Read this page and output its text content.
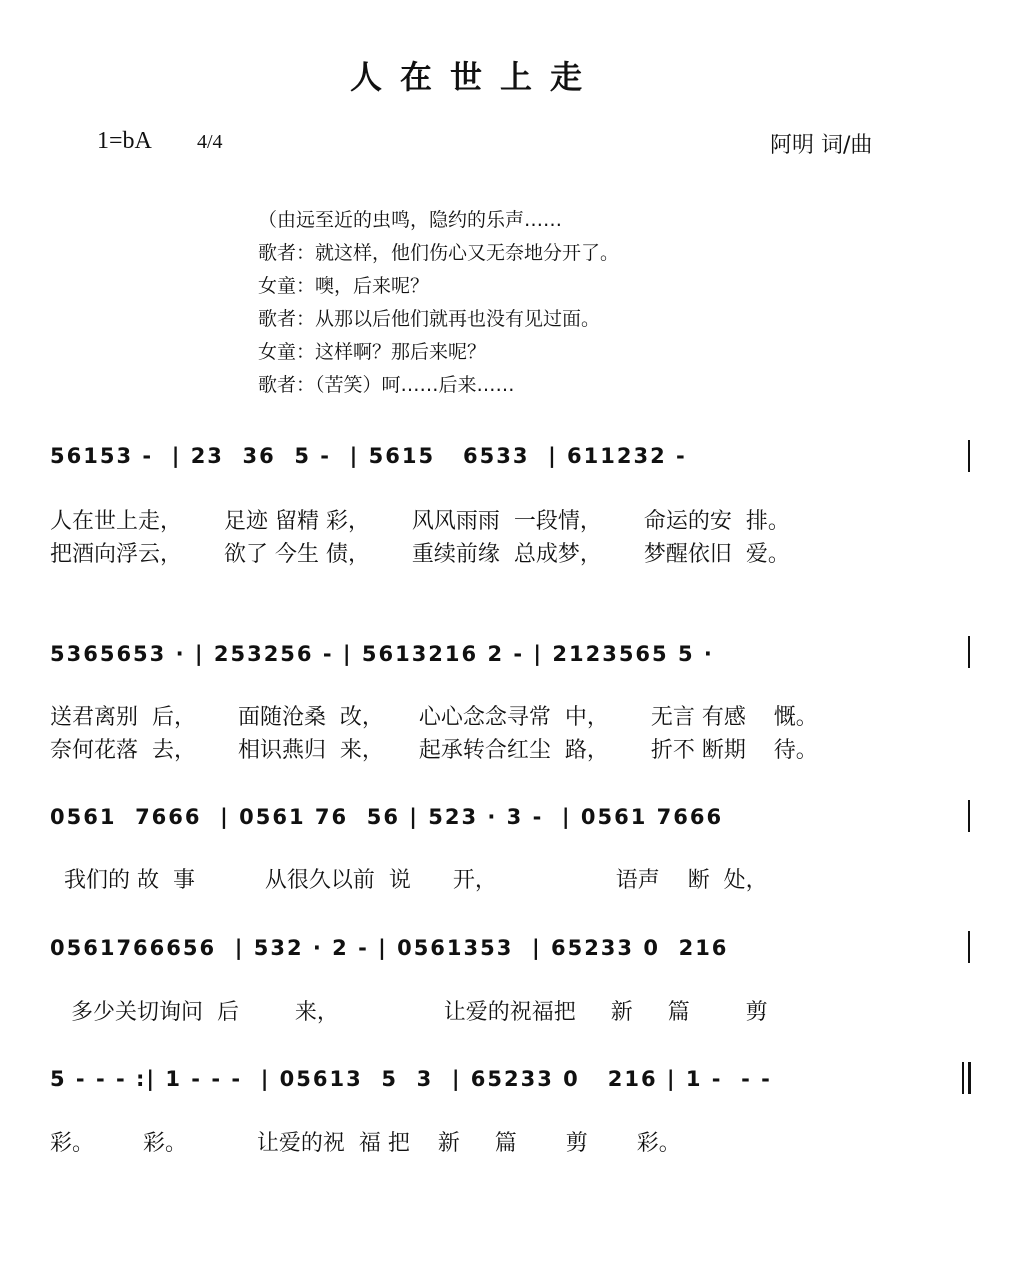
人在世上走
1=bA 4/4	阿明 词/曲
（由远至近的虫鸣，隐约的乐声……
歌者：就这样，他们伤心又无奈地分开了。
女童：噢，后来呢？
歌者：从那以后他们就再也没有见过面。
女童：这样啊？那后来呢？
歌者：（苦笑）呵……后来……
56153 -  | 23  36  5 -  | 5615   6533  | 611232 -
人在世上走，      足迹 留精 彩，      风风雨雨  一段情，      命运的安  排。
把酒向浮云，      欲了 今生 债，      重续前缘  总成梦，      梦醒依旧  爱。
5365653 · | 253256 - | 5613216 2 - | 2123565 5 ·
送君离别  后，      面随沧桑  改，     心心念念寻常  中，      无言 有感    慨。
奈何花落  去，      相识燕归  来，     起承转合红尘  路，      折不 断期    待。
0561  7666  | 0561 76  56 | 523 · 3 -  | 0561 7666
我们的 故  事          从很久以前  说      开，                 语声    断  处，
0561766656  | 532 · 2 - | 0561353  | 65233 0  216
多少关切询问  后        来，               让爱的祝福把     新     篇        剪
5 - - - :| 1 - - -  | 05613  5  3  | 65233 0   216 | 1 -  - -
彩。       彩。          让爱的祝  福 把    新     篇       剪       彩。
